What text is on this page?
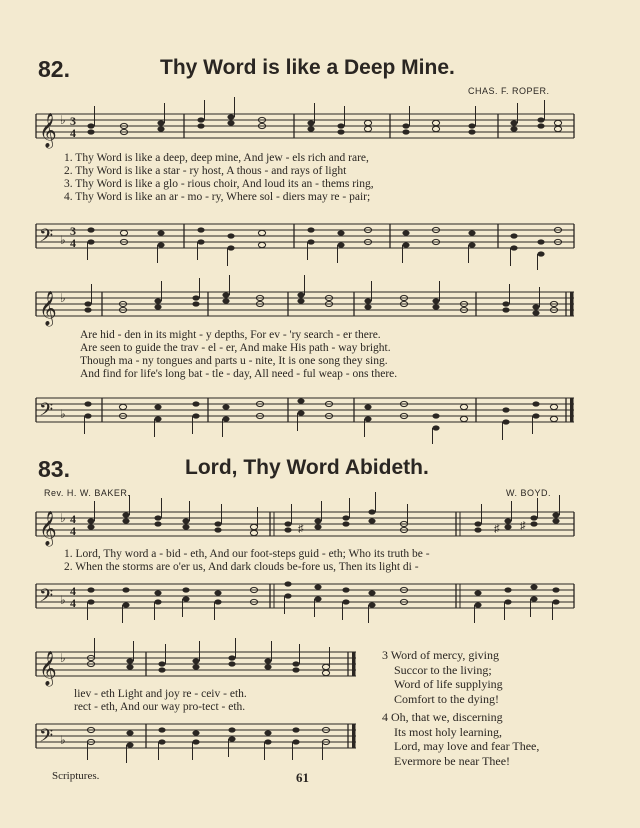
82.	Thy Word is like a Deep Mine.
CHAS. F. ROPER.
𝄞 ♭ 3
4
1. Thy Word is like a deep, deep mine, And jew - els rich and rare,
2. Thy Word is like a star - ry host, A thous - and rays of light
3. Thy Word is like a glo - rious choir, And loud its an - thems ring,
4. Thy Word is like an ar - mo - ry, Where sol - diers may re - pair;
𝄢 ♭
3
4
𝄞 ♭
Are hid - den in its might - y depths, For ev - 'ry search - er there.
Are seen to guide the trav - el - er, And make His path - way bright.
Though ma - ny tongues and parts u - nite, It is one song they sing.
And find for life's long bat - tle - day, All need - ful weap - ons there.
𝄢 ♭
83.	Lord, Thy Word Abideth.
Rev. H. W. BAKER.	W. BOYD.
𝄞 ♭ 4
4	♯	♯ ♯
1. Lord, Thy word a - bid - eth, And our foot-steps guid - eth; Who its truth be -
2. When the storms are o'er us, And dark clouds be-fore us, Then its light di -
𝄢 ♭
4
4
𝄞 ♭
liev - eth Light and joy re - ceiv - eth.
rect - eth, And our way pro-tect - eth.
𝄢 ♭
3 Word of mercy, giving
Succor to the living;
Word of life supplying
Comfort to the dying!
4 Oh, that we, discerning
Its most holy learning,
Lord, may love and fear Thee,
Evermore be near Thee!
Scriptures.	61
